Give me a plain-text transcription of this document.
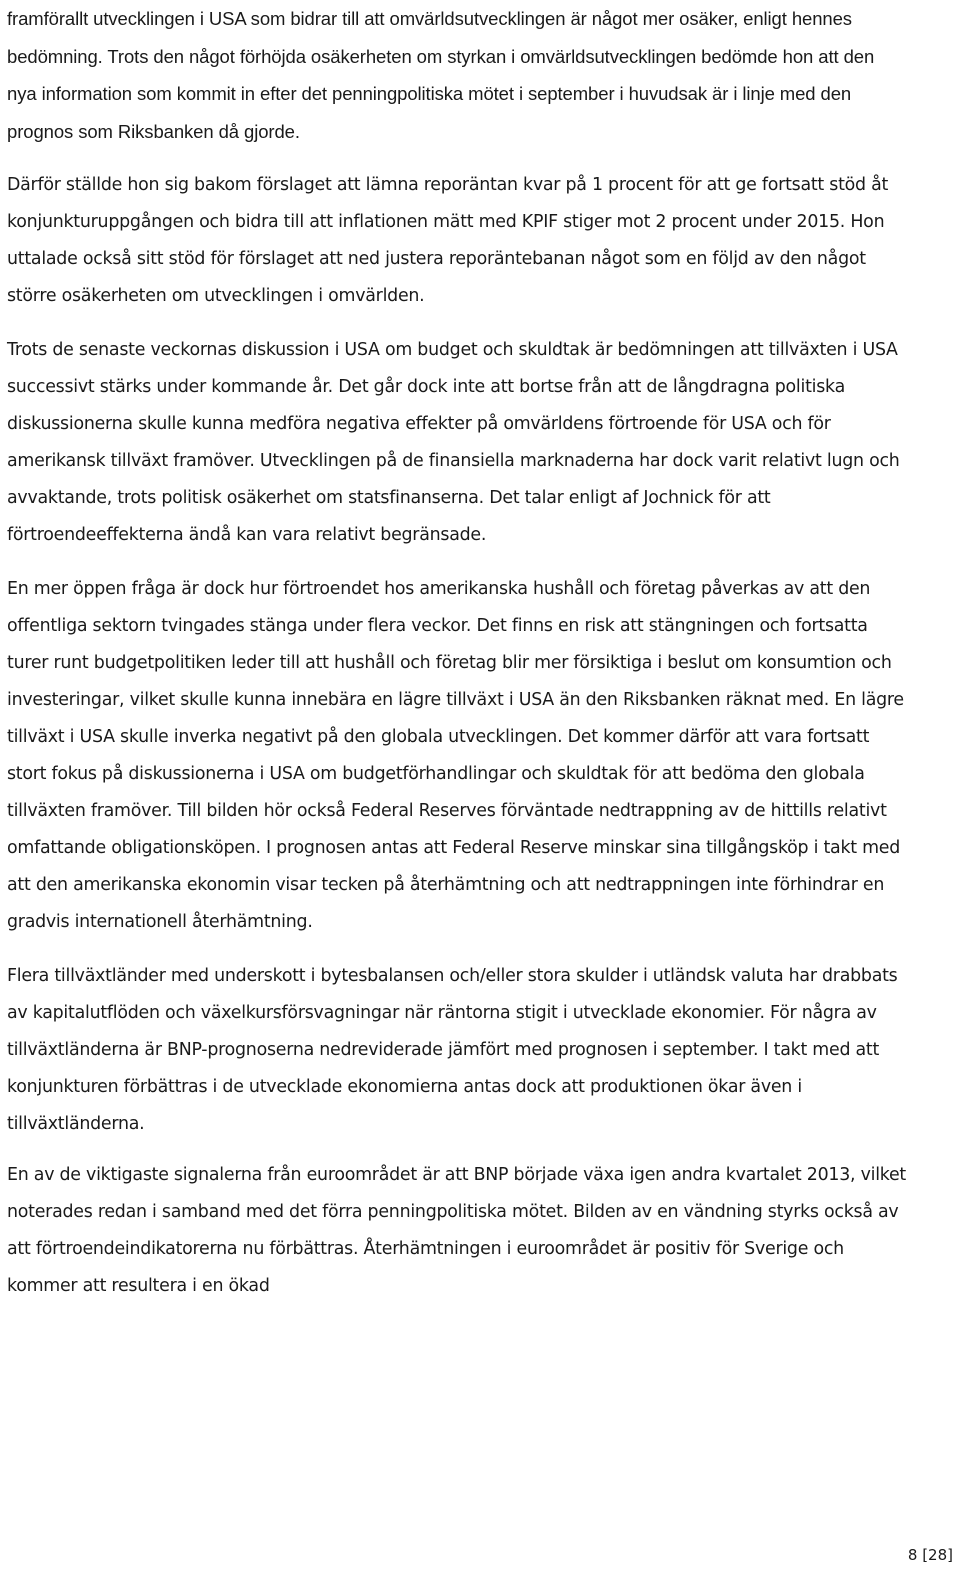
framförallt utvecklingen i USA som bidrar till att omvärldsutvecklingen är något mer osäker, enligt hennes bedömning. Trots den något förhöjda osäkerheten om styrkan i omvärldsutvecklingen bedömde hon att den nya information som kommit in efter det penningpolitiska mötet i september i huvudsak är i linje med den prognos som Riksbanken då gjorde.

Därför ställde hon sig bakom förslaget att lämna reporäntan kvar på 1 procent för att ge fortsatt stöd åt konjunkturuppgången och bidra till att inflationen mätt med KPIF stiger mot 2 procent under 2015. Hon uttalade också sitt stöd för förslaget att ned justera reporäntebanan något som en följd av den något större osäkerheten om utvecklingen i omvärlden.

Trots de senaste veckornas diskussion i USA om budget och skuldtak är bedömningen att tillväxten i USA successivt stärks under kommande år. Det går dock inte att bortse från att de långdragna politiska diskussionerna skulle kunna medföra negativa effekter på omvärldens förtroende för USA och för amerikansk tillväxt framöver. Utvecklingen på de finansiella marknaderna har dock varit relativt lugn och avvaktande, trots politisk osäkerhet om statsfinanserna. Det talar enligt af Jochnick för att förtroendeeffekterna ändå kan vara relativt begränsade.

En mer öppen fråga är dock hur förtroendet hos amerikanska hushåll och företag påverkas av att den offentliga sektorn tvingades stänga under flera veckor. Det finns en risk att stängningen och fortsatta turer runt budgetpolitiken leder till att hushåll och företag blir mer försiktiga i beslut om konsumtion och investeringar, vilket skulle kunna innebära en lägre tillväxt i USA än den Riksbanken räknat med. En lägre tillväxt i USA skulle inverka negativt på den globala utvecklingen. Det kommer därför att vara fortsatt stort fokus på diskussionerna i USA om budgetförhandlingar och skuldtak för att bedöma den globala tillväxten framöver. Till bilden hör också Federal Reserves förväntade nedtrappning av de hittills relativt omfattande obligationsköpen. I prognosen antas att Federal Reserve minskar sina tillgångsköp i takt med att den amerikanska ekonomin visar tecken på återhämtning och att nedtrappningen inte förhindrar en gradvis internationell återhämtning.

Flera tillväxtländer med underskott i bytesbalansen och/eller stora skulder i utländsk valuta har drabbats av kapitalutflöden och växelkursförsvagningar när räntorna stigit i utvecklade ekonomier. För några av tillväxtländerna är BNP-prognoserna nedreviderade jämfört med prognosen i september. I takt med att konjunkturen förbättras i de utvecklade ekonomierna antas dock att produktionen ökar även i tillväxtländerna.

En av de viktigaste signalerna från euroområdet är att BNP började växa igen andra kvartalet 2013, vilket noterades redan i samband med det förra penningpolitiska mötet. Bilden av en vändning styrks också av att förtroendeindikatorerna nu förbättras. Återhämtningen i euroområdet är positiv för Sverige och kommer att resultera i en ökad

8 [28]
